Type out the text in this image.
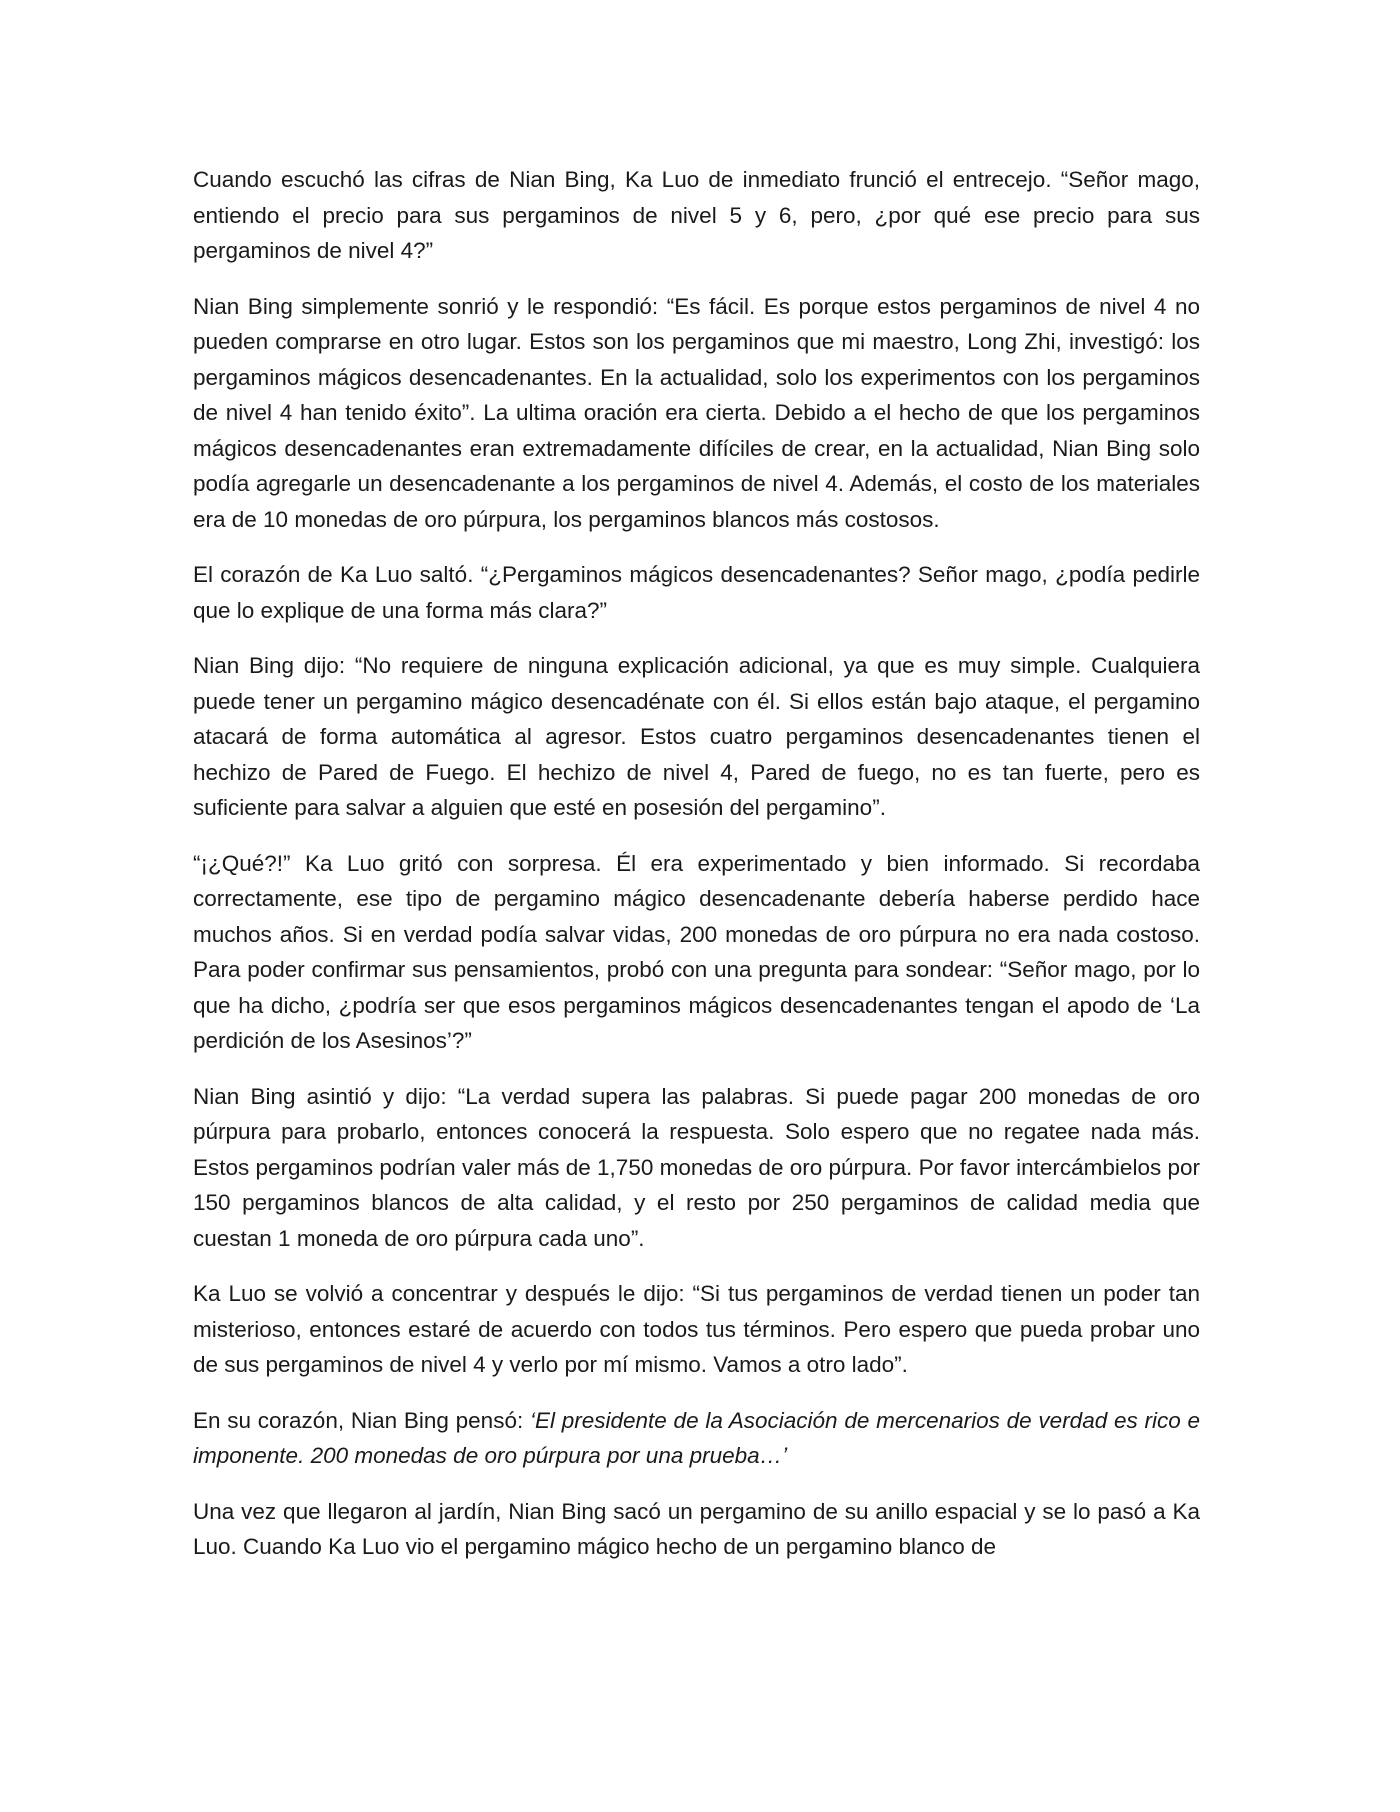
Cuando escuchó las cifras de Nian Bing, Ka Luo de inmediato frunció el entrecejo. “Señor mago, entiendo el precio para sus pergaminos de nivel 5 y 6, pero, ¿por qué ese precio para sus pergaminos de nivel 4?”

Nian Bing simplemente sonrió y le respondió: “Es fácil. Es porque estos pergaminos de nivel 4 no pueden comprarse en otro lugar. Estos son los pergaminos que mi maestro, Long Zhi, investigó: los pergaminos mágicos desencadenantes. En la actualidad, solo los experimentos con los pergaminos de nivel 4 han tenido éxito”. La ultima oración era cierta. Debido a el hecho de que los pergaminos mágicos desencadenantes eran extremadamente difíciles de crear, en la actualidad, Nian Bing solo podía agregarle un desencadenante a los pergaminos de nivel 4. Además, el costo de los materiales era de 10 monedas de oro púrpura, los pergaminos blancos más costosos.

El corazón de Ka Luo saltó. “¿Pergaminos mágicos desencadenantes? Señor mago, ¿podía pedirle que lo explique de una forma más clara?”

Nian Bing dijo: “No requiere de ninguna explicación adicional, ya que es muy simple. Cualquiera puede tener un pergamino mágico desencadénate con él. Si ellos están bajo ataque, el pergamino atacará de forma automática al agresor. Estos cuatro pergaminos desencadenantes tienen el hechizo de Pared de Fuego. El hechizo de nivel 4, Pared de fuego, no es tan fuerte, pero es suficiente para salvar a alguien que esté en posesión del pergamino”.

“¡¿Qué?!” Ka Luo gritó con sorpresa. Él era experimentado y bien informado. Si recordaba correctamente, ese tipo de pergamino mágico desencadenante debería haberse perdido hace muchos años. Si en verdad podía salvar vidas, 200 monedas de oro púrpura no era nada costoso. Para poder confirmar sus pensamientos, probó con una pregunta para sondear: “Señor mago, por lo que ha dicho, ¿podría ser que esos pergaminos mágicos desencadenantes tengan el apodo de ‘La perdición de los Asesinos’?”

Nian Bing asintió y dijo: “La verdad supera las palabras. Si puede pagar 200 monedas de oro púrpura para probarlo, entonces conocerá la respuesta. Solo espero que no regatee nada más. Estos pergaminos podrían valer más de 1,750 monedas de oro púrpura. Por favor intercámbielos por 150 pergaminos blancos de alta calidad, y el resto por 250 pergaminos de calidad media que cuestan 1 moneda de oro púrpura cada uno”.

Ka Luo se volvió a concentrar y después le dijo: “Si tus pergaminos de verdad tienen un poder tan misterioso, entonces estaré de acuerdo con todos tus términos. Pero espero que pueda probar uno de sus pergaminos de nivel 4 y verlo por mí mismo. Vamos a otro lado”.

En su corazón, Nian Bing pensó: ‘El presidente de la Asociación de mercenarios de verdad es rico e imponente. 200 monedas de oro púrpura por una prueba…’

Una vez que llegaron al jardín, Nian Bing sacó un pergamino de su anillo espacial y se lo pasó a Ka Luo. Cuando Ka Luo vio el pergamino mágico hecho de un pergamino blanco de
